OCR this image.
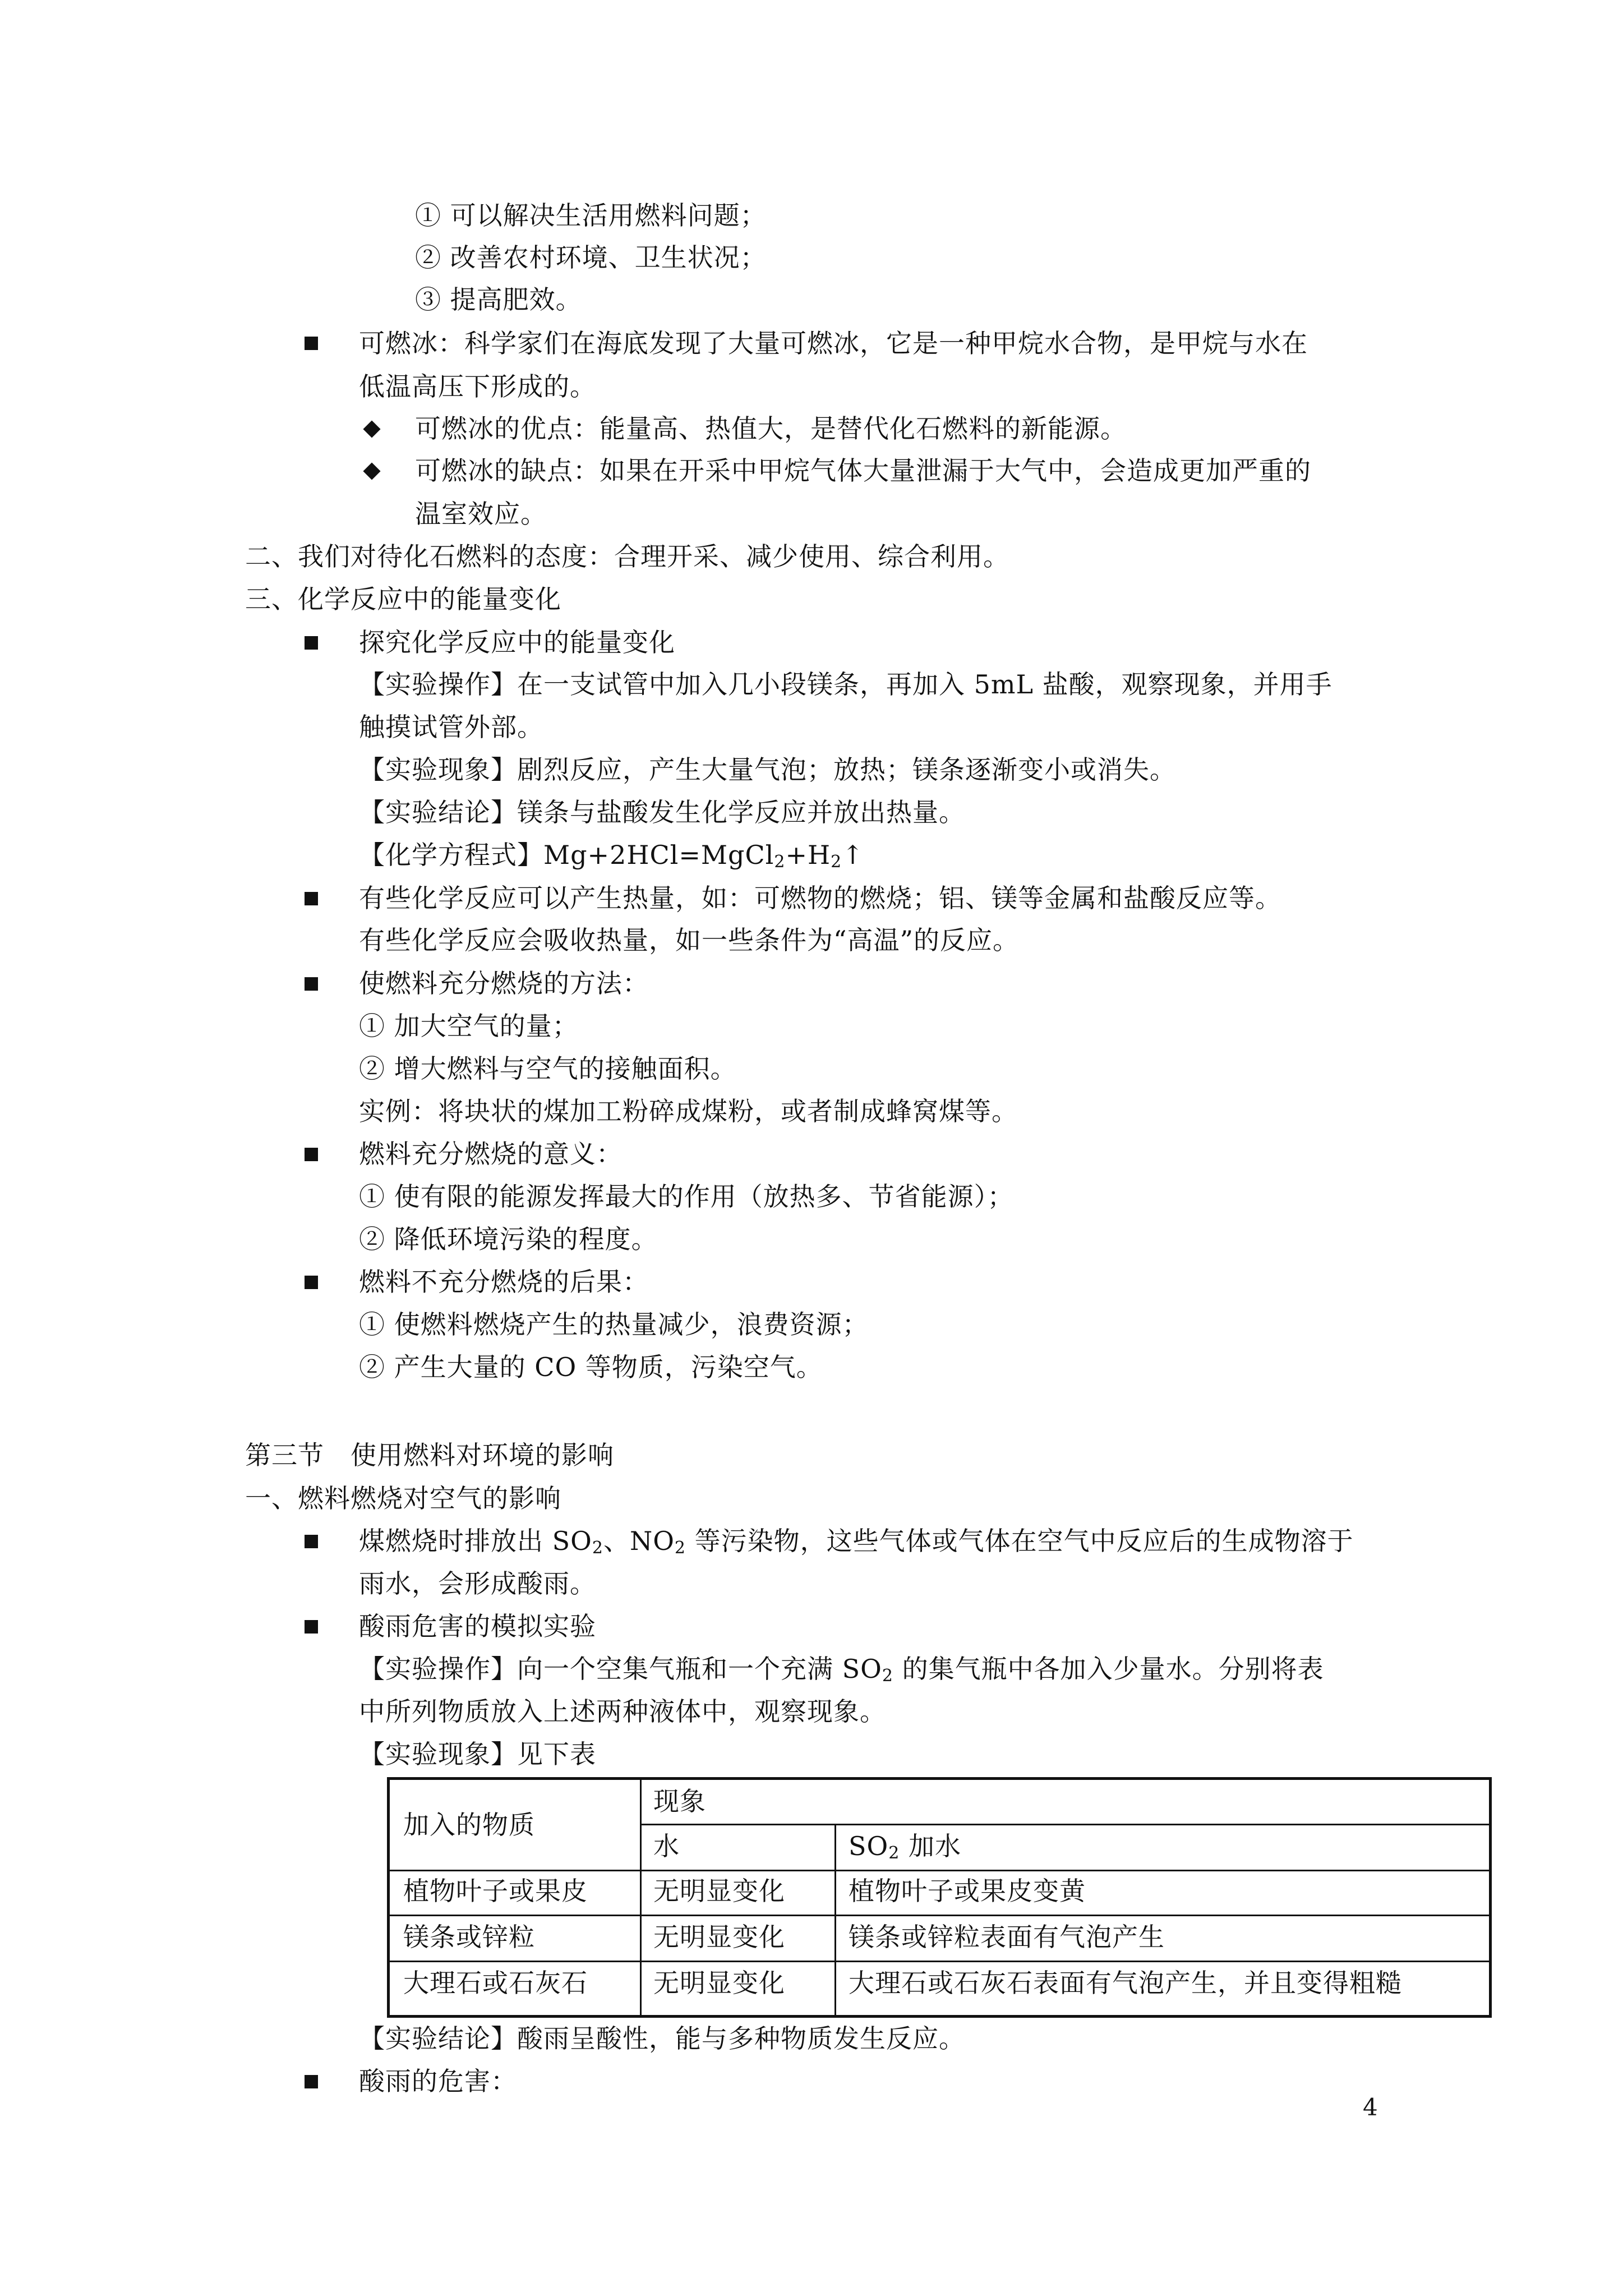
① 可以解决生活用燃料问题；
② 改善农村环境、卫生状况；
③ 提高肥效。
可燃冰：科学家们在海底发现了大量可燃冰，它是一种甲烷水合物，是甲烷与水在
低温高压下形成的。
可燃冰的优点：能量高、热值大，是替代化石燃料的新能源。
可燃冰的缺点：如果在开采中甲烷气体大量泄漏于大气中，会造成更加严重的
温室效应。
二、我们对待化石燃料的态度：合理开采、减少使用、综合利用。
三、化学反应中的能量变化
探究化学反应中的能量变化
【实验操作】在一支试管中加入几小段镁条，再加入 5mL 盐酸，观察现象，并用手
触摸试管外部。
【实验现象】剧烈反应，产生大量气泡；放热；镁条逐渐变小或消失。
【实验结论】镁条与盐酸发生化学反应并放出热量。
【化学方程式】$Mg+2HCl=MgCl_2+H_2↑$
有些化学反应可以产生热量，如：可燃物的燃烧；铝、镁等金属和盐酸反应等。
有些化学反应会吸收热量，如一些条件为“高温”的反应。
使燃料充分燃烧的方法：
① 加大空气的量；
② 增大燃料与空气的接触面积。
实例：将块状的煤加工粉碎成煤粉，或者制成蜂窝煤等。
燃料充分燃烧的意义：
① 使有限的能源发挥最大的作用（放热多、节省能源）；
② 降低环境污染的程度。
燃料不充分燃烧的后果：
① 使燃料燃烧产生的热量减少，浪费资源；
② 产生大量的 CO 等物质，污染空气。
第三节　使用燃料对环境的影响
一、燃料燃烧对空气的影响
煤燃烧时排放出 $SO_2$、$NO_2$ 等污染物，这些气体或气体在空气中反应后的生成物溶于
雨水，会形成酸雨。
酸雨危害的模拟实验
【实验操作】向一个空集气瓶和一个充满 $SO_2$ 的集气瓶中各加入少量水。分别将表
中所列物质放入上述两种液体中，观察现象。
【实验现象】见下表
加入的物质
现象
水	$SO_2$ 加水
植物叶子或果皮	无明显变化 植物叶子或果皮变黄
镁条或锌粒	无明显变化 镁条或锌粒表面有气泡产生
大理石或石灰石	无明显变化 大理石或石灰石表面有气泡产生，并且变得粗糙
【实验结论】酸雨呈酸性，能与多种物质发生反应。
酸雨的危害：
4
